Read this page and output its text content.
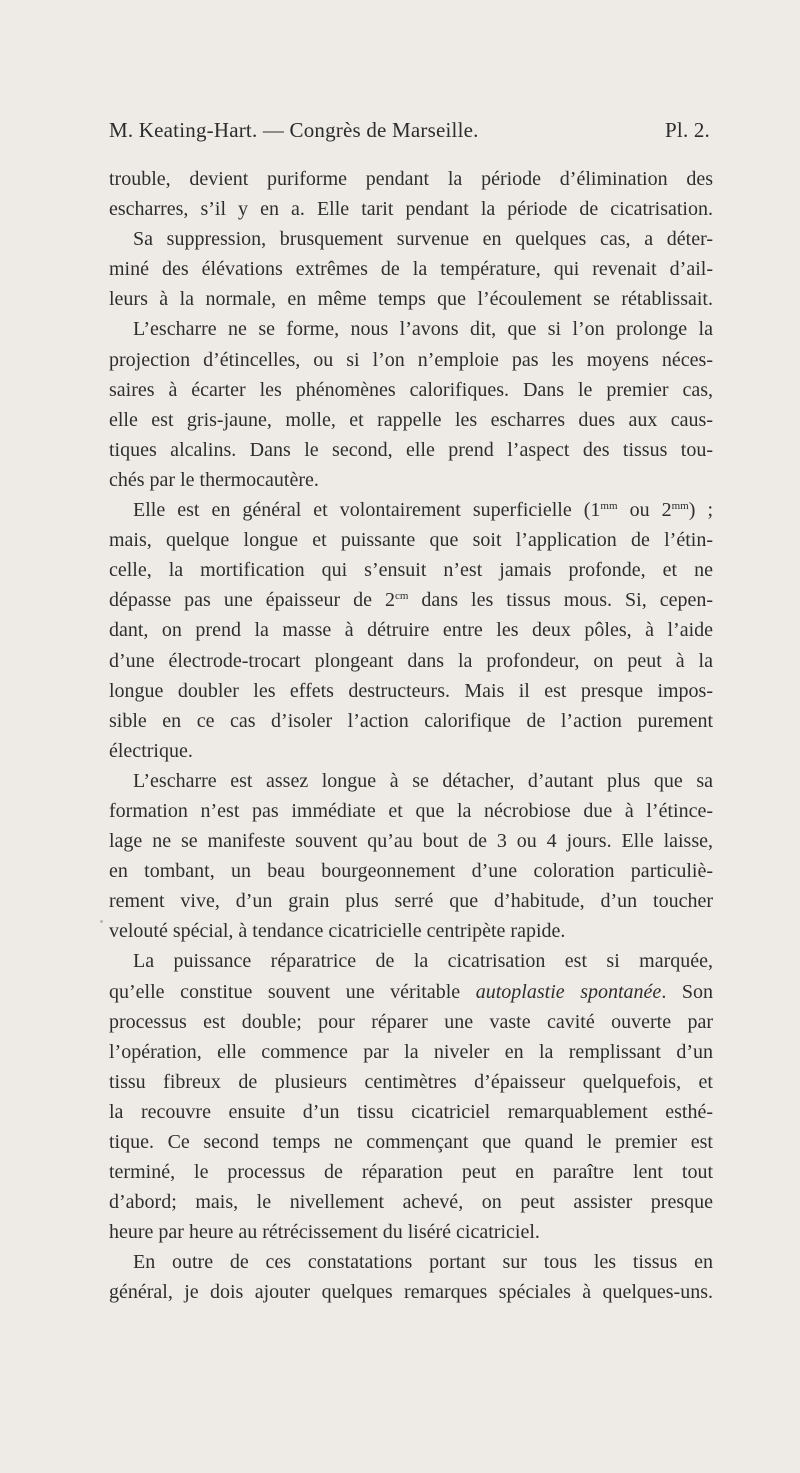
M. Keating-Hart. — Congrès de Marseille.	Pl. 2.
trouble, devient puriforme pendant la période d’élimination des
escharres, s’il y en a. Elle tarit pendant la période de cicatrisation.
Sa suppression, brusquement survenue en quelques cas, a déter-
miné des élévations extrêmes de la température, qui revenait d’ail-
leurs à la normale, en même temps que l’écoulement se rétablissait.
L’escharre ne se forme, nous l’avons dit, que si l’on prolonge la
projection d’étincelles, ou si l’on n’emploie pas les moyens néces-
saires à écarter les phénomènes calorifiques. Dans le premier cas,
elle est gris-jaune, molle, et rappelle les escharres dues aux caus-
tiques alcalins. Dans le second, elle prend l’aspect des tissus tou-
chés par le thermocautère.
Elle est en général et volontairement superficielle ($1^{mm}$ ou $2^{mm}$) ;
mais, quelque longue et puissante que soit l’application de l’étin-
celle, la mortification qui s’ensuit n’est jamais profonde, et ne
dépasse pas une épaisseur de $2^{cm}$ dans les tissus mous. Si, cepen-
dant, on prend la masse à détruire entre les deux pôles, à l’aide
d’une électrode-trocart plongeant dans la profondeur, on peut à la
longue doubler les effets destructeurs. Mais il est presque impos-
sible en ce cas d’isoler l’action calorifique de l’action purement
électrique.
L’escharre est assez longue à se détacher, d’autant plus que sa
formation n’est pas immédiate et que la nécrobiose due à l’étince-
lage ne se manifeste souvent qu’au bout de 3 ou 4 jours. Elle laisse,
en tombant, un beau bourgeonnement d’une coloration particuliè-
rement vive, d’un grain plus serré que d’habitude, d’un toucher
velouté spécial, à tendance cicatricielle centripète rapide.
La puissance réparatrice de la cicatrisation est si marquée,
qu’elle constitue souvent une véritable autoplastie spontanée. Son
processus est double; pour réparer une vaste cavité ouverte par
l’opération, elle commence par la niveler en la remplissant d’un
tissu fibreux de plusieurs centimètres d’épaisseur quelquefois, et
la recouvre ensuite d’un tissu cicatriciel remarquablement esthé-
tique. Ce second temps ne commençant que quand le premier est
terminé, le processus de réparation peut en paraître lent tout
d’abord; mais, le nivellement achevé, on peut assister presque
heure par heure au rétrécissement du liséré cicatriciel.
En outre de ces constatations portant sur tous les tissus en
général, je dois ajouter quelques remarques spéciales à quelques-uns.
